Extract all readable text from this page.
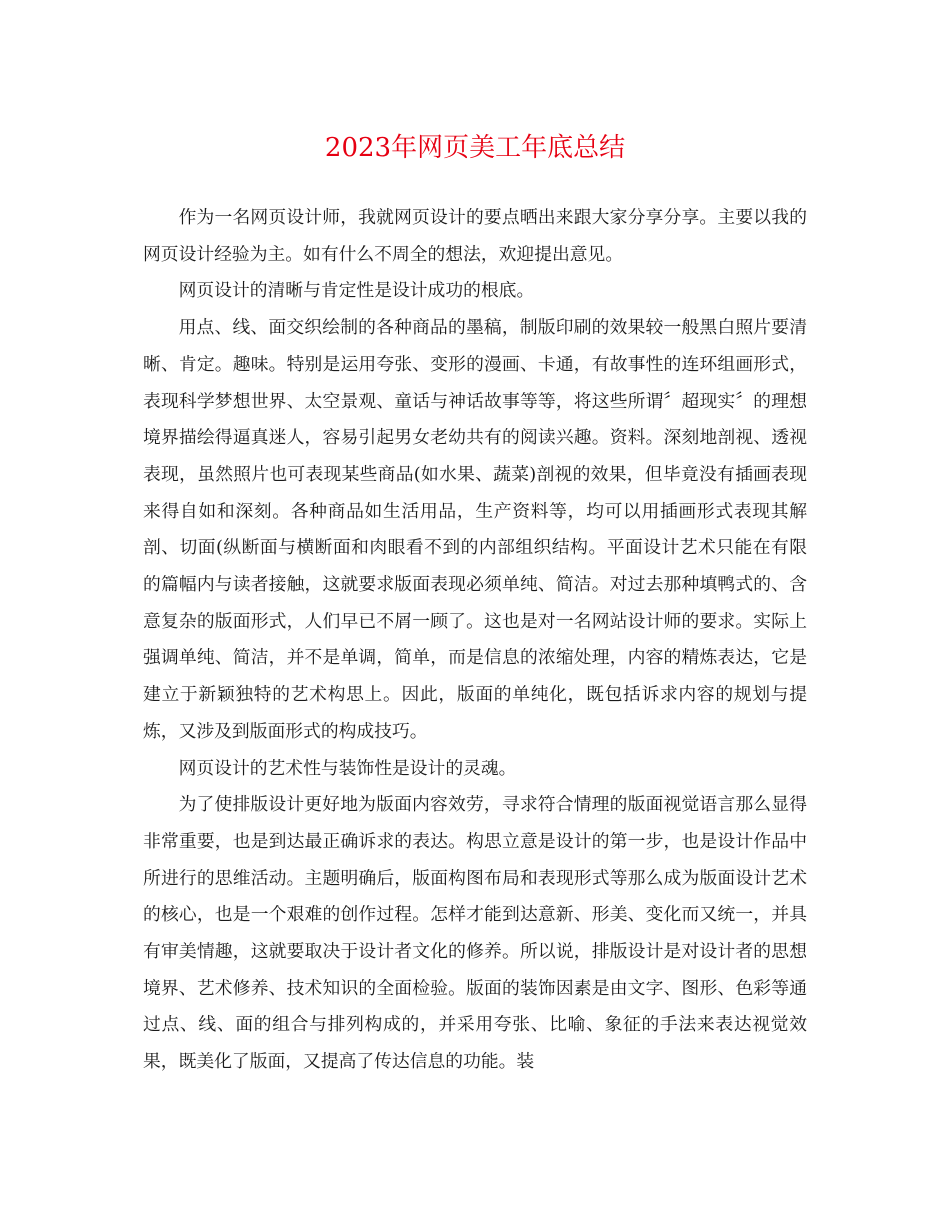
2023年网页美工年底总结

作为一名网页设计师，我就网页设计的要点晒出来跟大家分享分享。主要以我的网页设计经验为主。如有什么不周全的想法，欢迎提出意见。

网页设计的清晰与肯定性是设计成功的根底。

用点、线、面交织绘制的各种商品的墨稿，制版印刷的效果较一般黑白照片要清晰、肯定。趣味。特别是运用夸张、变形的漫画、卡通，有故事性的连环组画形式，表现科学梦想世界、太空景观、童话与神话故事等等，将这些所谓〞超现实〞的理想境界描绘得逼真迷人，容易引起男女老幼共有的阅读兴趣。资料。深刻地剖视、透视表现，虽然照片也可表现某些商品(如水果、蔬菜)剖视的效果，但毕竟没有插画表现来得自如和深刻。各种商品如生活用品，生产资料等，均可以用插画形式表现其解剖、切面(纵断面与横断面和肉眼看不到的内部组织结构。平面设计艺术只能在有限的篇幅内与读者接触，这就要求版面表现必须单纯、简洁。对过去那种填鸭式的、含意复杂的版面形式，人们早已不屑一顾了。这也是对一名网站设计师的要求。实际上强调单纯、简洁，并不是单调，简单，而是信息的浓缩处理，内容的精炼表达，它是建立于新颖独特的艺术构思上。因此，版面的单纯化，既包括诉求内容的规划与提炼，又涉及到版面形式的构成技巧。

网页设计的艺术性与装饰性是设计的灵魂。

为了使排版设计更好地为版面内容效劳，寻求符合情理的版面视觉语言那么显得非常重要，也是到达最正确诉求的表达。构思立意是设计的第一步，也是设计作品中所进行的思维活动。主题明确后，版面构图布局和表现形式等那么成为版面设计艺术的核心，也是一个艰难的创作过程。怎样才能到达意新、形美、变化而又统一，并具有审美情趣，这就要取决于设计者文化的修养。所以说，排版设计是对设计者的思想境界、艺术修养、技术知识的全面检验。版面的装饰因素是由文字、图形、色彩等通过点、线、面的组合与排列构成的，并采用夸张、比喻、象征的手法来表达视觉效果，既美化了版面，又提高了传达信息的功能。装
